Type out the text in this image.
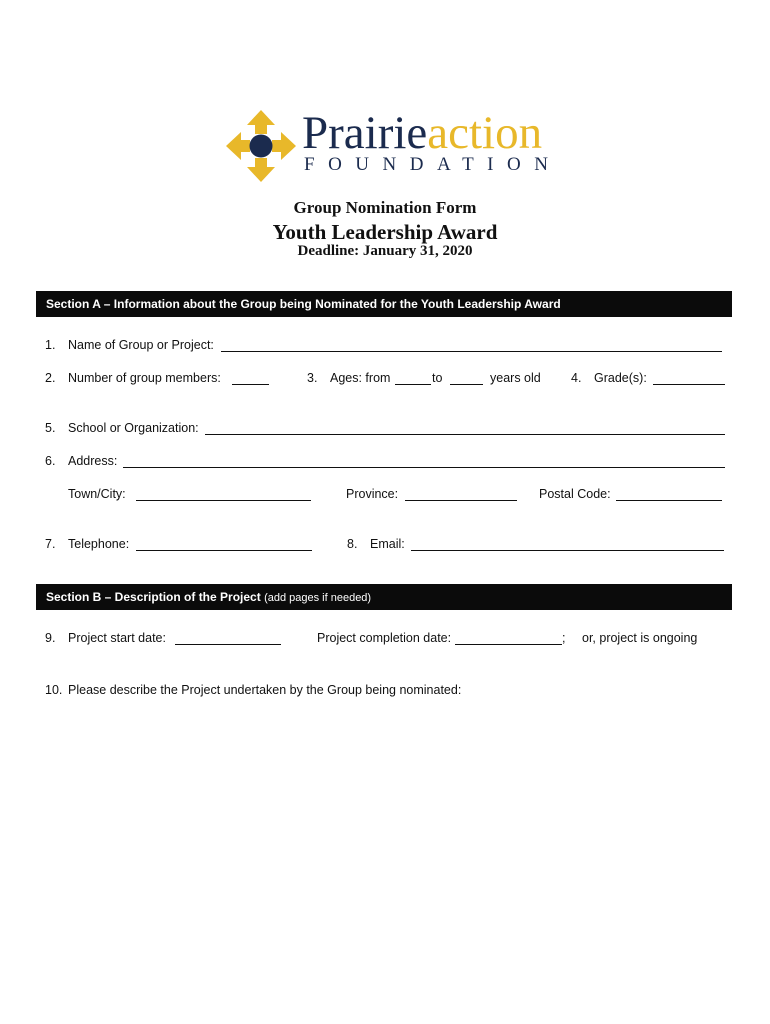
Prairieaction
FOUNDATION
Group Nomination Form
Youth Leadership Award
Deadline: January 31, 2020
Section A – Information about the Group being Nominated for the Youth Leadership Award
1. Name of Group or Project:
2. Number of group members:	3. Ages: from	to	years old 4. Grade(s):
5. School or Organization:
6. Address:
Town/City:	Province:	Postal Code:
7. Telephone:	8. Email:
Section B – Description of the Project (add pages if needed)
9. Project start date:	Project completion date:	; or, project is ongoing
10. Please describe the Project undertaken by the Group being nominated:
